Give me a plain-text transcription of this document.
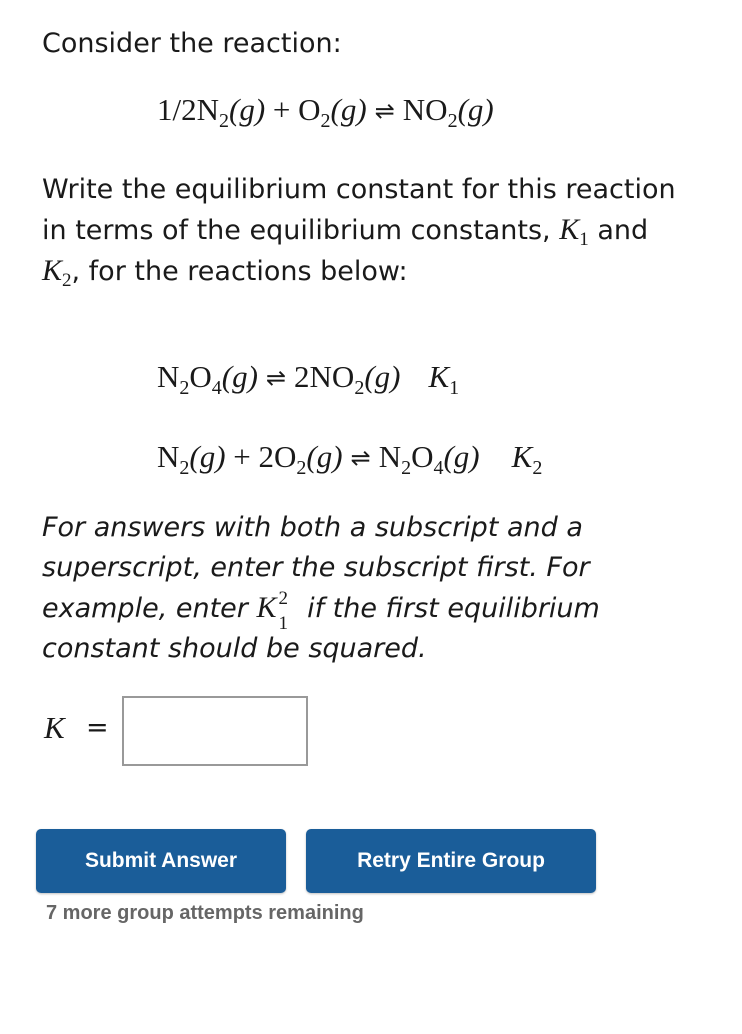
Consider the reaction:

$1/2N_2(g) + O_2(g)$ ⇌ $NO_2(g)$

Write the equilibrium constant for this reaction in terms of the equilibrium constants, $K_1$ and $K_2$, for the reactions below:

$N_2O_4(g)$ ⇌ $2NO_2(g)$ $K_1$
$N_2(g) + 2O_2(g)$ ⇌ $N_2O_4(g)$ $K_2$

For answers with both a subscript and a superscript, enter the subscript first. For example, enter K 2
1 if the first equilibrium constant should be squared.

K =
Submit Answer	Retry Entire Group
7 more group attempts remaining
